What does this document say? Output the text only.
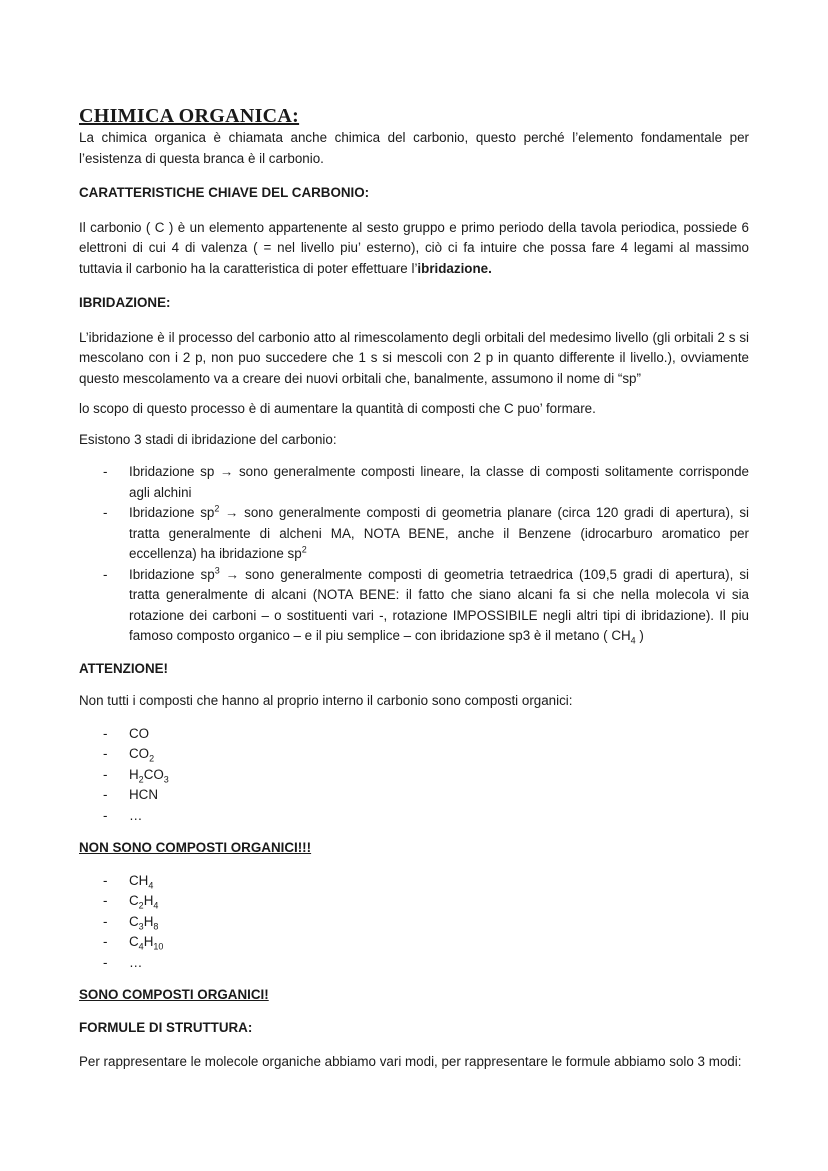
CHIMICA ORGANICA:

La chimica organica è chiamata anche chimica del carbonio, questo perché l’elemento fondamentale per l’esistenza di questa branca è il carbonio.

CARATTERISTICHE CHIAVE DEL CARBONIO:

Il carbonio ( C ) è un elemento appartenente al sesto gruppo e primo periodo della tavola periodica, possiede 6 elettroni di cui 4 di valenza ( = nel livello piu’ esterno), ciò ci fa intuire che possa fare 4 legami al massimo tuttavia il carbonio ha la caratteristica di poter effettuare l’ibridazione.

IBRIDAZIONE:

L’ibridazione è il processo del carbonio atto al rimescolamento degli orbitali del medesimo livello (gli orbitali 2 s si mescolano con i 2 p, non puo succedere che 1 s si mescoli con 2 p in quanto differente il livello.), ovviamente questo mescolamento va a creare dei nuovi orbitali che, banalmente, assumono il nome di “sp”

lo scopo di questo processo è di aumentare la quantità di composti che C puo’ formare.

Esistono 3 stadi di ibridazione del carbonio:

- Ibridazione sp → sono generalmente composti lineare, la classe di composti solitamente corrisponde agli alchini
- Ibridazione $sp^2$ → sono generalmente composti di geometria planare (circa 120 gradi di apertura), si tratta generalmente di alcheni MA, NOTA BENE, anche il Benzene (idrocarburo aromatico per eccellenza) ha ibridazione $sp^2$
- Ibridazione $sp^3$ → sono generalmente composti di geometria tetraedrica (109,5 gradi di apertura), si tratta generalmente di alcani (NOTA BENE: il fatto che siano alcani fa si che nella molecola vi sia rotazione dei carboni – o sostituenti vari -, rotazione IMPOSSIBILE negli altri tipi di ibridazione). Il piu famoso composto organico – e il piu semplice – con ibridazione sp3 è il metano ( $CH_4$ )

ATTENZIONE!

Non tutti i composti che hanno al proprio interno il carbonio sono composti organici:

- CO
- $CO_2$
- $H_2CO_3$
- HCN
- …

NON SONO COMPOSTI ORGANICI!!!

- $CH_4$
- $C_2H_4$
- $C_3H_8$
- $C_4H_{10}$
- …

SONO COMPOSTI ORGANICI!

FORMULE DI STRUTTURA:

Per rappresentare le molecole organiche abbiamo vari modi, per rappresentare le formule abbiamo solo 3 modi:
